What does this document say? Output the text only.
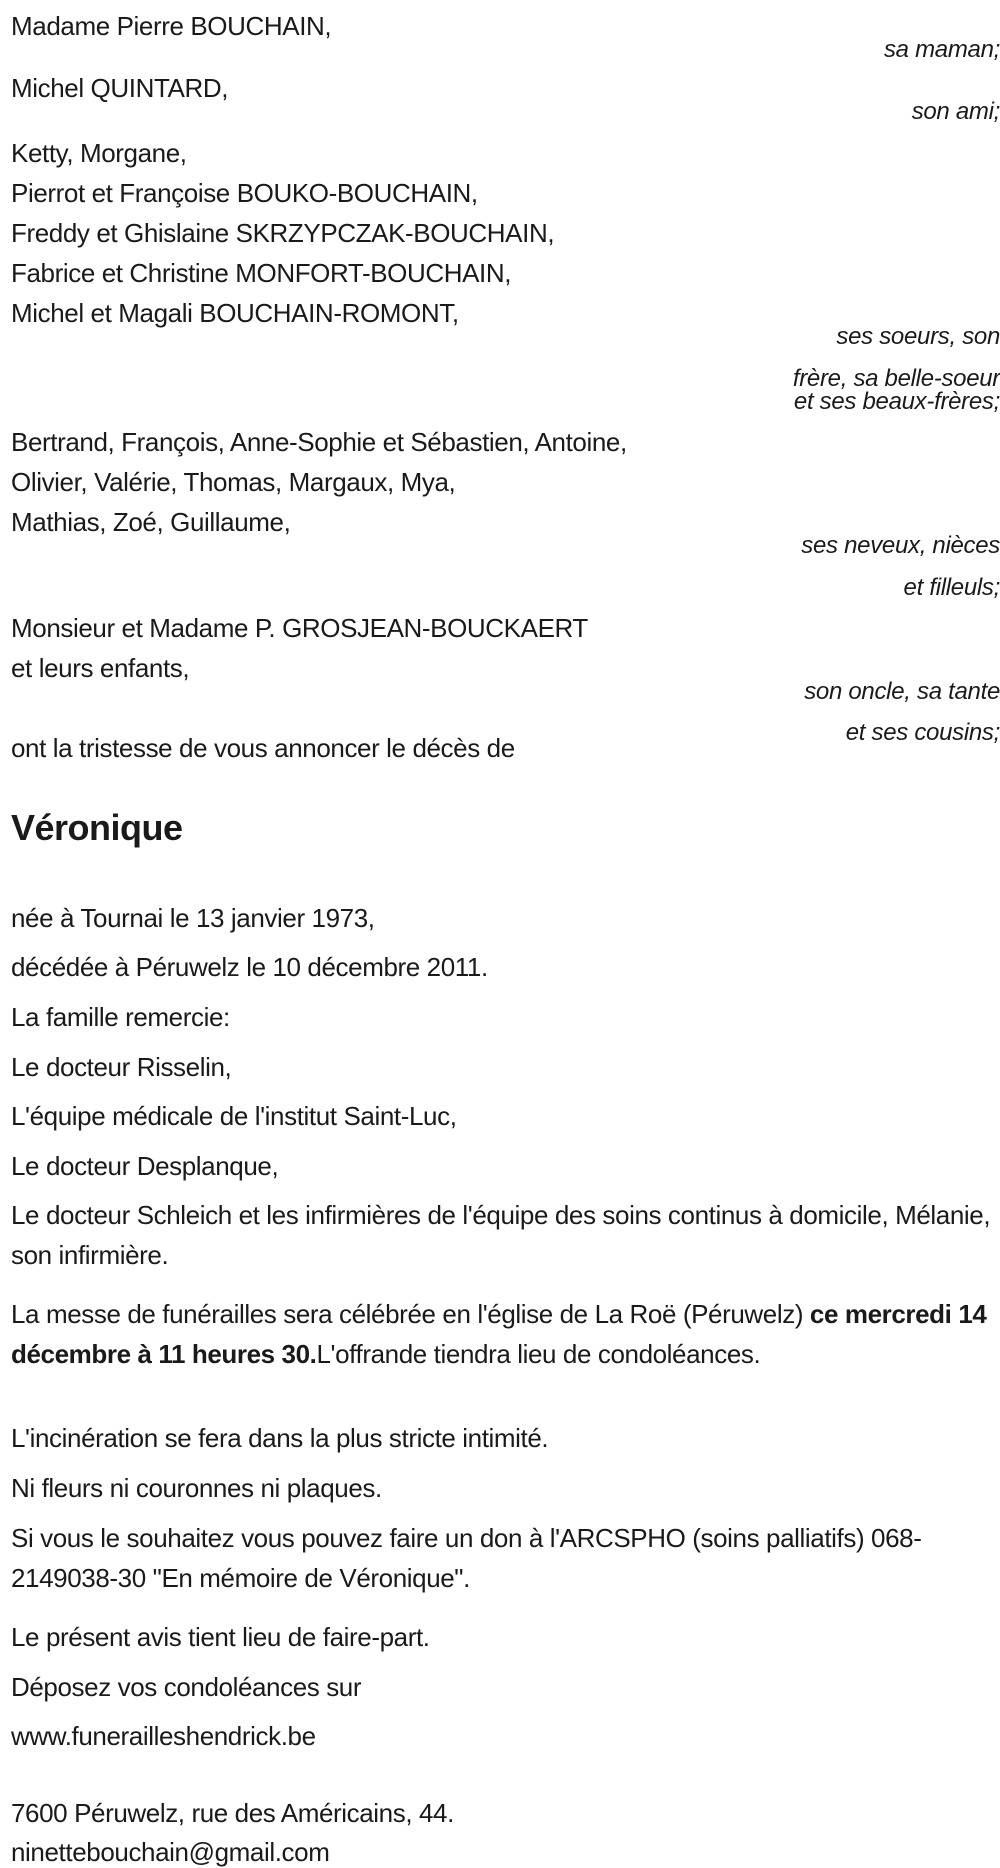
Madame Pierre BOUCHAIN,
sa maman;
Michel QUINTARD,
son ami;
Ketty, Morgane,
Pierrot et Françoise BOUKO-BOUCHAIN,
Freddy et Ghislaine SKRZYPCZAK-BOUCHAIN,
Fabrice et Christine MONFORT-BOUCHAIN,
Michel et Magali BOUCHAIN-ROMONT,
ses soeurs, son
frère, sa belle-soeur
et ses beaux-frères;
Bertrand, François, Anne-Sophie et Sébastien, Antoine,
Olivier, Valérie, Thomas, Margaux, Mya,
Mathias, Zoé, Guillaume,
ses neveux, nièces
et filleuls;
Monsieur et Madame P. GROSJEAN-BOUCKAERT
et leurs enfants,
son oncle, sa tante
et ses cousins;
ont la tristesse de vous annoncer le décès de
Véronique
née à Tournai le 13 janvier 1973,
décédée à Péruwelz le 10 décembre 2011.
La famille remercie:
Le docteur Risselin,
L'équipe médicale de l'institut Saint-Luc,
Le docteur Desplanque,
Le docteur Schleich et les infirmières de l'équipe des soins continus à domicile, Mélanie, son infirmière.
La messe de funérailles sera célébrée en l'église de La Roë (Péruwelz) ce mercredi 14 décembre à 11 heures 30.L'offrande tiendra lieu de condoléances.
L'incinération se fera dans la plus stricte intimité.
Ni fleurs ni couronnes ni plaques.
Si vous le souhaitez vous pouvez faire un don à l'ARCSPHO (soins palliatifs) 068-2149038-30 "En mémoire de Véronique".
Le présent avis tient lieu de faire-part.
Déposez vos condoléances sur
www.funerailleshendrick.be
7600 Péruwelz, rue des Américains, 44.
ninettebouchain@gmail.com
